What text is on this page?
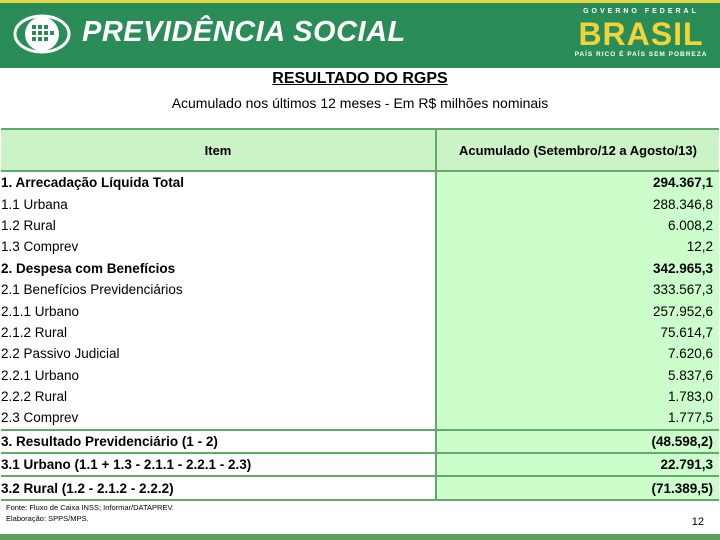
PREVIDÊNCIA SOCIAL
GOVERNO FEDERAL
BRASIL
PAÍS RICO É PAÍS SEM POBREZA
RESULTADO DO RGPS
Acumulado nos últimos 12 meses - Em R$ milhões nominais
Item	Acumulado (Setembro/12 a Agosto/13)
1. Arrecadação Líquida Total	294.367,1
1.1 Urbana	288.346,8
1.2 Rural	6.008,2
1.3 Comprev	12,2
2. Despesa com Benefícios	342.965,3
2.1 Benefícios Previdenciários	333.567,3
2.1.1 Urbano	257.952,6
2.1.2 Rural	75.614,7
2.2 Passivo Judicial	7.620,6
2.2.1 Urbano	5.837,6
2.2.2 Rural	1.783,0
2.3 Comprev	1.777,5
3. Resultado Previdenciário (1 - 2)	(48.598,2)
3.1 Urbano (1.1 + 1.3 - 2.1.1 - 2.2.1 - 2.3)	22.791,3
3.2 Rural (1.2 - 2.1.2 - 2.2.2)	(71.389,5)
Fonte: Fluxo de Caixa INSS; Informar/DATAPREV.
Elaboração: SPPS/MPS.	12
